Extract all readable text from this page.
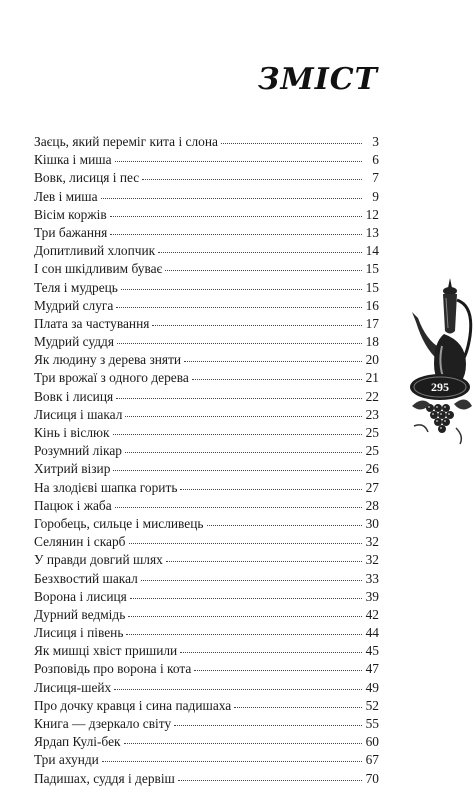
ЗМІСТ
Заєць, який переміг кита і слона	3
Кішка і миша	6
Вовк, лисиця і пес	7
Лев і миша	9
Вісім коржів	12
Три бажання	13
Допитливий хлопчик	14
І сон шкідливим буває	15
Теля і мудрець	15
Мудрий слуга	16
Плата за частування	17
Мудрий суддя	18
Як людину з дерева зняти	20
Три врожаї з одного дерева	21
Вовк і лисиця	22
Лисиця і шакал	23
Кінь і віслюк	25
Розумний лікар	25
Хитрий візир	26
На злодієві шапка горить	27
Пацюк і жаба	28
Горобець, сильце і мисливець	30
Селянин і скарб	32
У правди довгий шлях	32
Безхвостий шакал	33
Ворона і лисиця	39
Дурний ведмідь	42
Лисиця і півень	44
Як мишці хвіст пришили	45
Розповідь про ворона і кота	47
Лисиця-шейх	49
Про дочку кравця і сина падишаха	52
Книга — дзеркало світу	55
Ярдап Кулі-бек	60
Три ахунди	67
Падишах, суддя і дервіш	70
295
